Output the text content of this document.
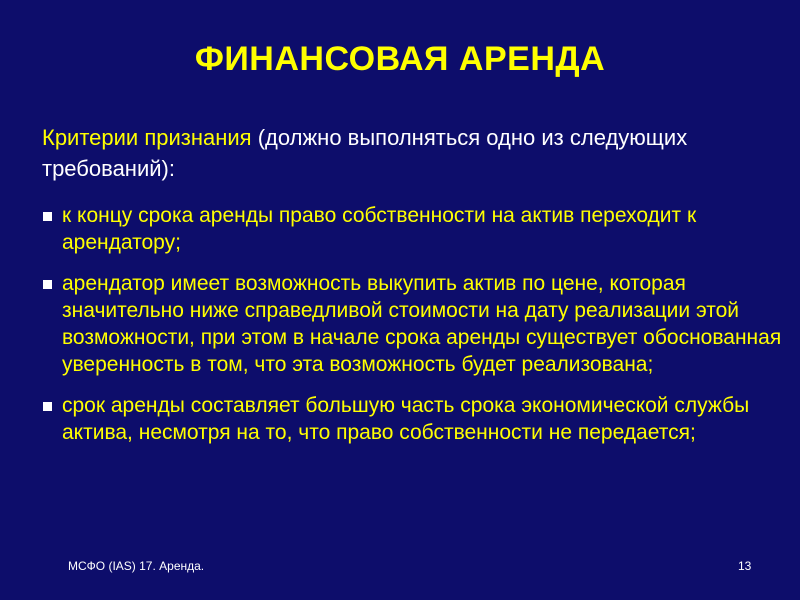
ФИНАНСОВАЯ АРЕНДА
Критерии признания (должно выполняться одно из следующих требований):
к концу срока аренды право собственности на актив переходит к арендатору;
арендатор имеет возможность выкупить актив по цене, которая значительно ниже справедливой стоимости на дату реализации этой возможности, при этом в начале срока аренды существует обоснованная уверенность в том, что эта возможность будет реализована;
срок аренды составляет большую часть срока экономической службы актива, несмотря на то, что право собственности не передается;
МСФО (IAS) 17. Аренда.	13
